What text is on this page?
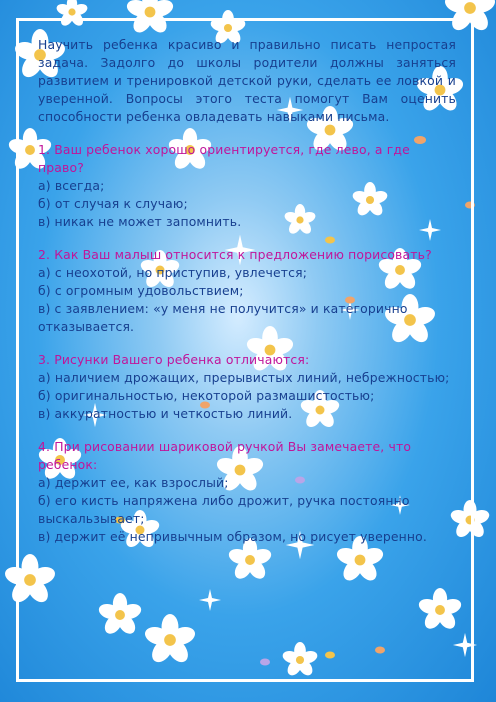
Научить ребенка красиво и правильно писать непростая задача. Задолго до школы родители должны заняться развитием и тренировкой детской руки, сделать ее ловкой и уверенной. Вопросы этого теста помогут Вам оценить способности ребенка овладевать навыками письма.

1. Ваш ребенок хорошо ориентируется, где лево, а где право?

а) всегда;

б) от случая к случаю;

в) никак не может запомнить.

2. Как Ваш малыш относится к предложению порисовать?

а) с неохотой, но приступив, увлечется;

б) с огромным удовольствием;

в) с заявлением: «у меня не получится» и категорично отказывается.

3. Рисунки Вашего ребенка отличаются:

а) наличием дрожащих, прерывистых линий, небрежностью;

б) оригинальностью, некоторой размашистостью;

в) аккуратностью и четкостью линий.

4. При рисовании шариковой ручкой Вы замечаете, что ребенок:

а) держит ее, как взрослый;

б) его кисть напряжена либо дрожит, ручка постоянно выскальзывает;

в) держит её непривычным образом, но рисует уверенно.
